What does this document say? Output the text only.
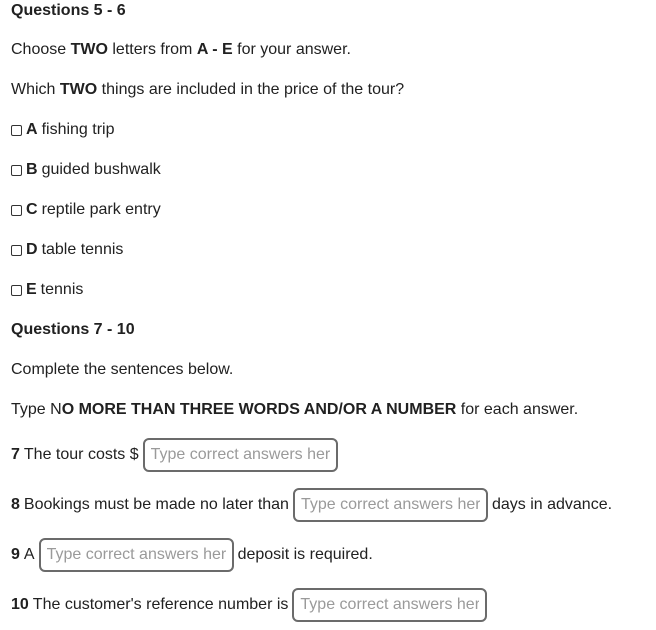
Questions 5 - 6
Choose TWO letters from A - E for your answer.
Which TWO things are included in the price of the tour?
A fishing trip
B guided bushwalk
C reptile park entry
D table tennis
E tennis
Questions 7 - 10
Complete the sentences below.
Type NO MORE THAN THREE WORDS AND/OR A NUMBER for each answer.
7 The tour costs $
Type correct answers here
8 Bookings must be made no later than
Type correct answers here	days in advance.
9 A
Type correct answers here	deposit is required.
10 The customer's reference number is
Type correct answers here
